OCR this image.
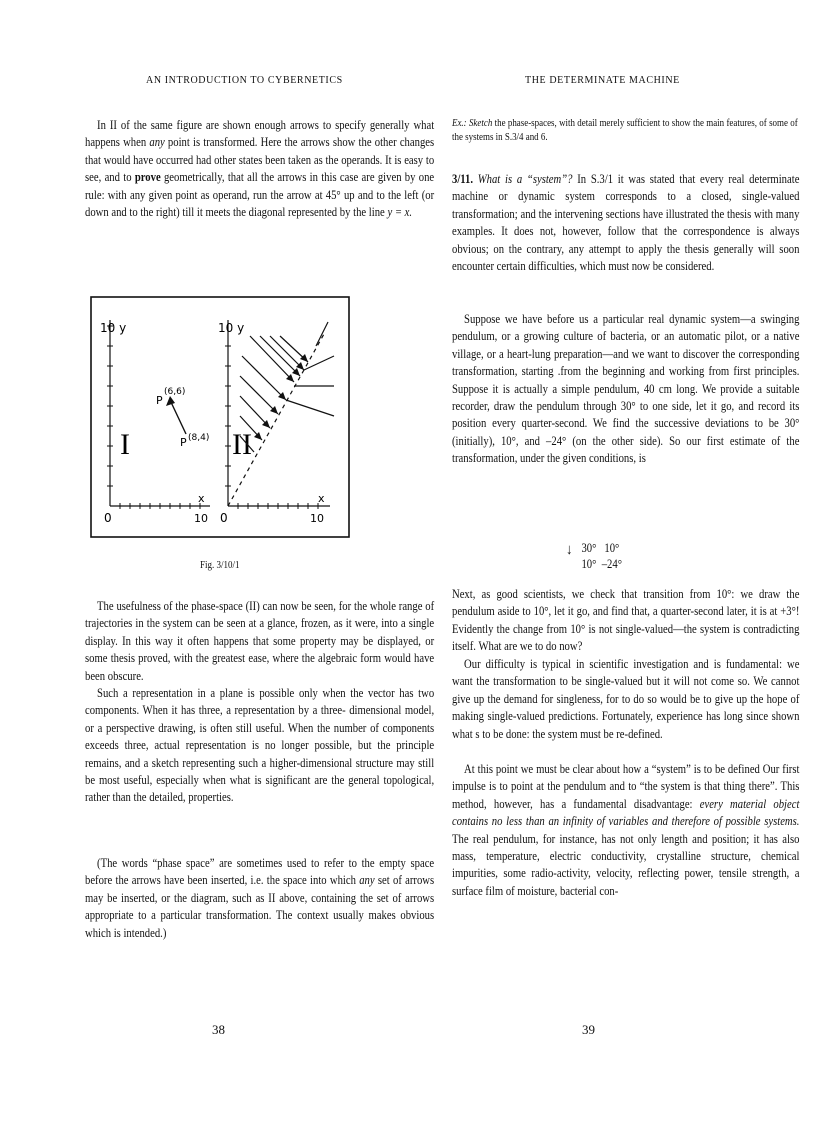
AN INTRODUCTION TO CYBERNETICS

In II of the same figure are shown enough arrows to specify generally what happens when any point is transformed. Here the arrows show the other changes that would have occurred had other states been taken as the operands. It is easy to see, and to prove geometrically, that all the arrows in this case are given by one rule: with any given point as operand, run the arrow at 45° up and to the left (or down and to the right) till it meets the diagonal represented by the line y = x.

10 y
x
10
0
I
P
(6,6)
P (8,4)
10 y
x
10
0
II
Fig. 3/10/1

The usefulness of the phase-space (II) can now be seen, for the whole range of trajectories in the system can be seen at a glance, frozen, as it were, into a single display. In this way it often happens that some property may be displayed, or some thesis proved, with the greatest ease, where the algebraic form would have been obscure.

Such a representation in a plane is possible only when the vector has two components. When it has three, a representation by a three- dimensional model, or a perspective drawing, is often still useful. When the number of components exceeds three, actual representation is no longer possible, but the principle remains, and a sketch representing such a higher-dimensional structure may still be most useful, especially when what is significant are the general topological, rather than the detailed, properties.

(The words “phase space” are sometimes used to refer to the empty space before the arrows have been inserted, i.e. the space into which any set of arrows may be inserted, or the diagram, such as II above, containing the set of arrows appropriate to a particular transformation. The context usually makes obvious which is intended.)

38
THE DETERMINATE MACHINE

Ex.: Sketch the phase-spaces, with detail merely sufficient to show the main features, of some of the systems in S.3/4 and 6.

3/11. What is a “system”? In S.3/1 it was stated that every real determinate machine or dynamic system corresponds to a closed, single-valued transformation; and the intervening sections have illustrated the thesis with many examples. It does not, however, follow that the correspondence is always obvious; on the contrary, any attempt to apply the thesis generally will soon encounter certain difficulties, which must now be considered.

Suppose we have before us a particular real dynamic system—a swinging pendulum, or a growing culture of bacteria, or an automatic pilot, or a native village, or a heart-lung preparation—and we want to discover the corresponding transformation, starting .from the beginning and working from first principles. Suppose it is actually a simple pendulum, 40 cm long. We provide a suitable recorder, draw the pendulum through 30° to one side, let it go, and record its position every quarter-second. We find the successive deviations to be 30° (initially), 10°, and –24° (on the other side). So our first estimate of the transformation, under the given conditions, is

↓ 30°   10°
10°  –24°

Next, as good scientists, we check that transition from 10°: we draw the pendulum aside to 10°, let it go, and find that, a quarter-second later, it is at +3°! Evidently the change from 10° is not single-valued—the system is contradicting itself. What are we to do now?

Our difficulty is typical in scientific investigation and is fundamental: we want the transformation to be single-valued but it will not come so. We cannot give up the demand for singleness, for to do so would be to give up the hope of making single-valued predictions. Fortunately, experience has long since shown what s to be done: the system must be re-defined.

At this point we must be clear about how a “system” is to be defined Our first impulse is to point at the pendulum and to “the system is that thing there”. This method, however, has a fundamental disadvantage: every material object contains no less than an infinity of variables and therefore of possible systems. The real pendulum, for instance, has not only length and position; it has also mass, temperature, electric conductivity, crystalline structure, chemical impurities, some radio-activity, velocity, reflecting power, tensile strength, a surface film of moisture, bacterial con-

39
